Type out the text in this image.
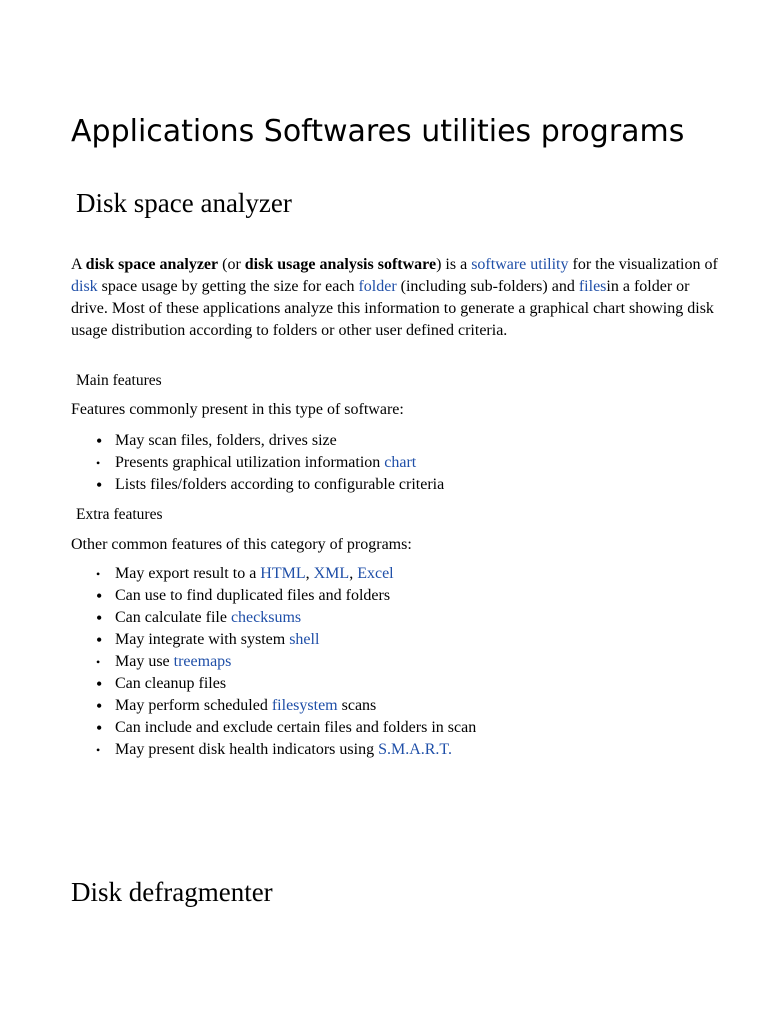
Applications Softwares utilities programs
Disk space analyzer

A disk space analyzer (or disk usage analysis software) is a software utility for the visualization of disk space usage by getting the size for each folder (including sub-folders) and filesin a folder or drive. Most of these applications analyze this information to generate a graphical chart showing disk usage distribution according to folders or other user defined criteria.

Main features

Features commonly present in this type of software:

• May scan files, folders, drives size
• Presents graphical utilization information chart
• Lists files/folders according to configurable criteria

Extra features

Other common features of this category of programs:

• May export result to a HTML, XML, Excel
• Can use to find duplicated files and folders
• Can calculate file checksums
• May integrate with system shell
• May use treemaps
• Can cleanup files
• May perform scheduled filesystem scans
• Can include and exclude certain files and folders in scan
• May present disk health indicators using S.M.A.R.T.
Disk defragmenter
